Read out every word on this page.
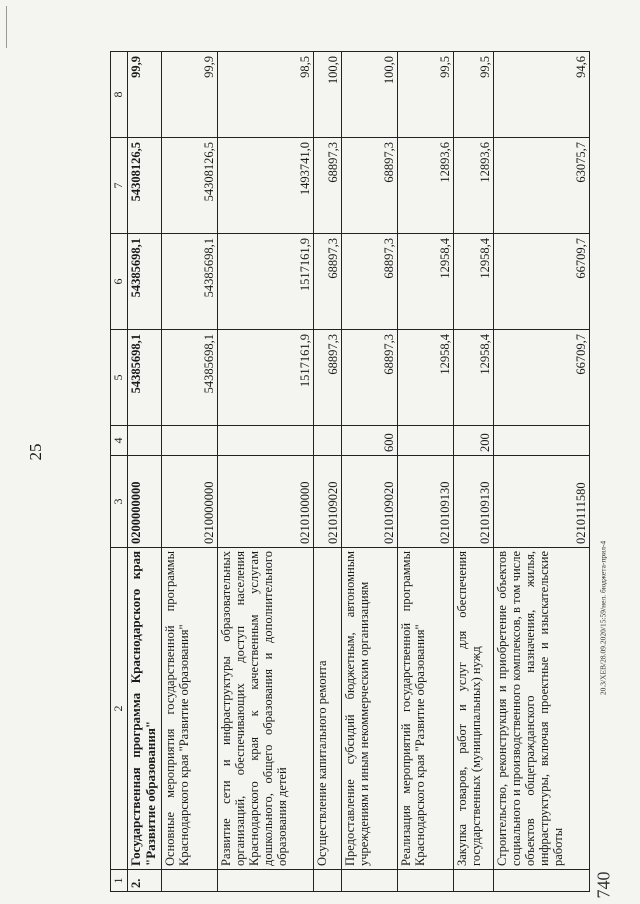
25
20.3/ХЕВ/28.09.2020/15:59/нел. бюджета-прил-4
740
1	2	3	4	5	6	7	8
2.	Государственная программа Краснодарского края "Развитие образования"	0200000000		54385698,1	54385698,1	54308126,5	99,9
	Основные мероприятия государственной программы Краснодарского края "Развитие образования"	0210000000		54385698,1	54385698,1	54308126,5	99,9
	Развитие сети и инфраструктуры образовательных организаций, обеспечивающих доступ населения Краснодарского края к качественным услугам дошкольного, общего образования и дополнительного образования детей	0210100000		1517161,9	1517161,9	1493741,0	98,5
	Осуществление капитального ремонта	0210109020		68897,3	68897,3	68897,3	100,0
	Предоставление субсидий бюджетным, автономным учреждениям и иным некоммерческим организациям	0210109020	600	68897,3	68897,3	68897,3	100,0
	Реализация мероприятий государственной программы Краснодарского края "Развитие образования"	0210109130		12958,4	12958,4	12893,6	99,5
	Закупка товаров, работ и услуг для обеспечения государственных (муниципальных) нужд	0210109130	200	12958,4	12958,4	12893,6	99,5
	Строительство, реконструкция и приобретение объектов социального и производственного комплексов, в том числе объектов общегражданского назначения, жилья, инфраструктуры, включая проектные и изыскательские работы	0210111580		66709,7	66709,7	63075,7	94,6
